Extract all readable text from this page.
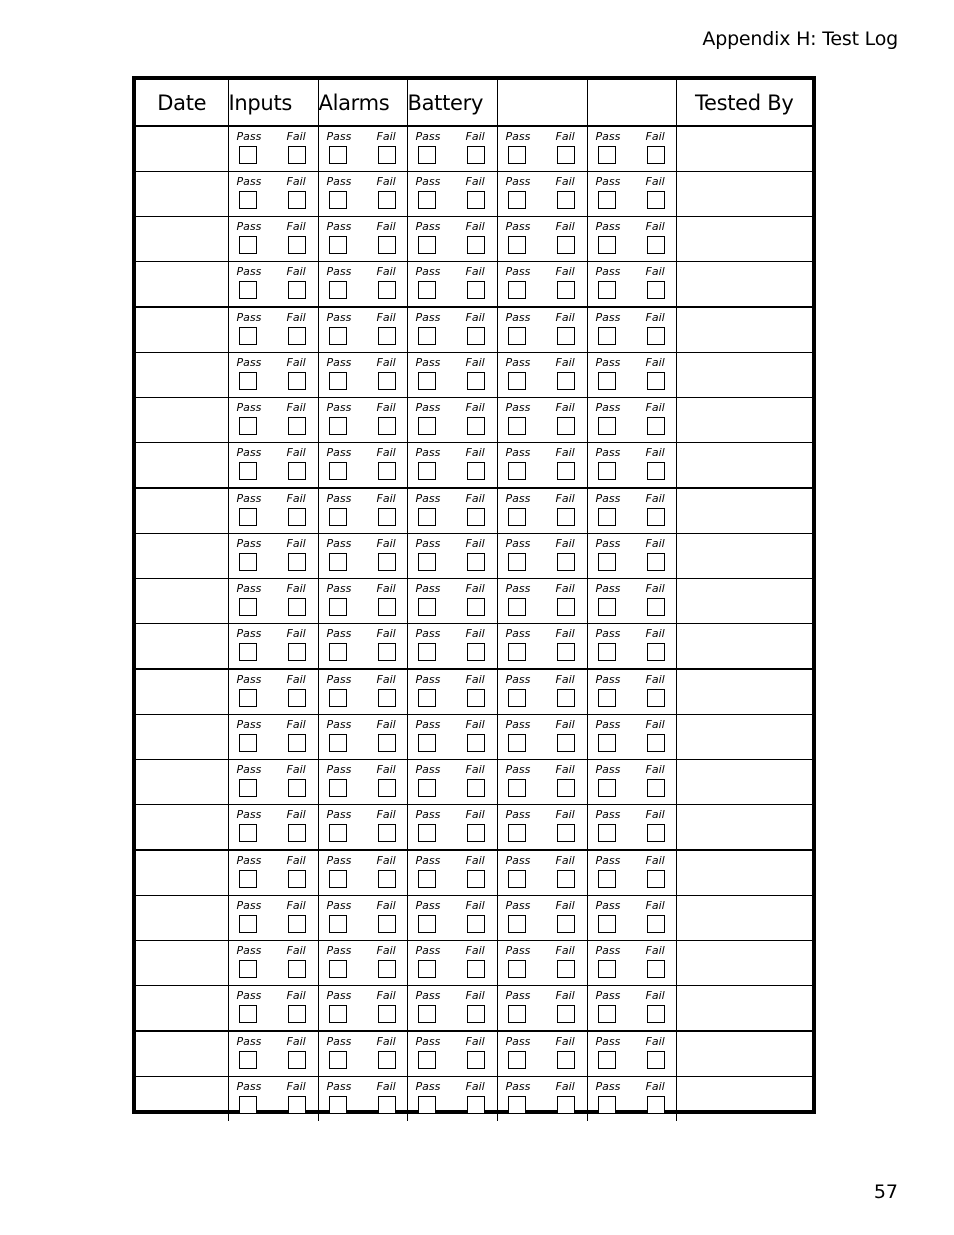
Appendix H: Test Log
Date	Inputs	Alarms	Battery			Tested By

	Pass Fail	Pass Fail	Pass Fail	Pass Fail	Pass Fail	

	Pass Fail	Pass Fail	Pass Fail	Pass Fail	Pass Fail	

	Pass Fail	Pass Fail	Pass Fail	Pass Fail	Pass Fail	

	Pass Fail	Pass Fail	Pass Fail	Pass Fail	Pass Fail	

	Pass Fail	Pass Fail	Pass Fail	Pass Fail	Pass Fail	

	Pass Fail	Pass Fail	Pass Fail	Pass Fail	Pass Fail	

	Pass Fail	Pass Fail	Pass Fail	Pass Fail	Pass Fail	

	Pass Fail	Pass Fail	Pass Fail	Pass Fail	Pass Fail	

	Pass Fail	Pass Fail	Pass Fail	Pass Fail	Pass Fail	

	Pass Fail	Pass Fail	Pass Fail	Pass Fail	Pass Fail	

	Pass Fail	Pass Fail	Pass Fail	Pass Fail	Pass Fail	

	Pass Fail	Pass Fail	Pass Fail	Pass Fail	Pass Fail	

	Pass Fail	Pass Fail	Pass Fail	Pass Fail	Pass Fail	

	Pass Fail	Pass Fail	Pass Fail	Pass Fail	Pass Fail	

	Pass Fail	Pass Fail	Pass Fail	Pass Fail	Pass Fail	

	Pass Fail	Pass Fail	Pass Fail	Pass Fail	Pass Fail	

	Pass Fail	Pass Fail	Pass Fail	Pass Fail	Pass Fail	

	Pass Fail	Pass Fail	Pass Fail	Pass Fail	Pass Fail	

	Pass Fail	Pass Fail	Pass Fail	Pass Fail	Pass Fail	

	Pass Fail	Pass Fail	Pass Fail	Pass Fail	Pass Fail	

	Pass Fail	Pass Fail	Pass Fail	Pass Fail	Pass Fail	

	Pass Fail	Pass Fail	Pass Fail	Pass Fail	Pass Fail	

57
